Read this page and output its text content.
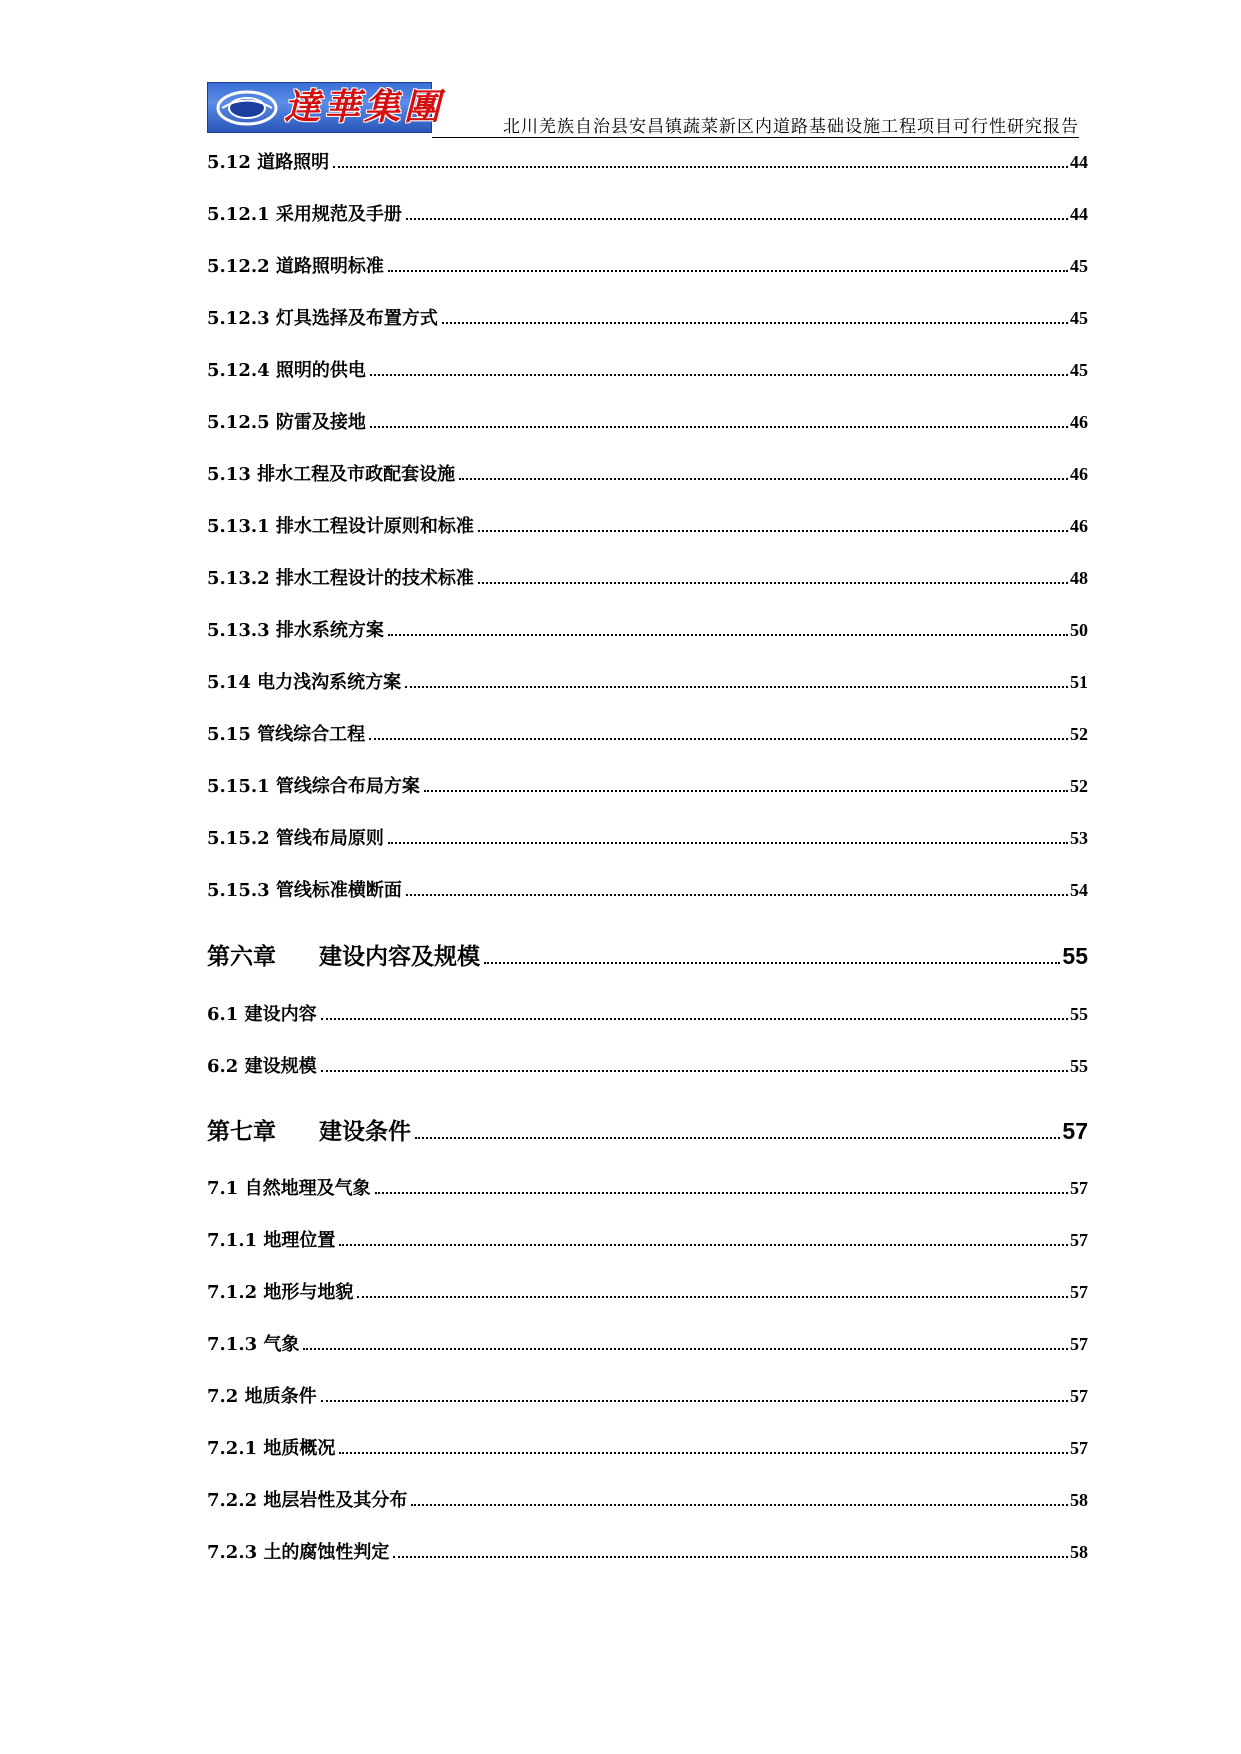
達華集團	北川羌族自治县安昌镇蔬菜新区内道路基础设施工程项目可行性研究报告
5.12 道路照明	44
5.12.1 采用规范及手册	44
5.12.2 道路照明标准	45
5.12.3 灯具选择及布置方式	45
5.12.4 照明的供电	45
5.12.5 防雷及接地	46
5.13 排水工程及市政配套设施	46
5.13.1 排水工程设计原则和标准	46
5.13.2 排水工程设计的技术标准	48
5.13.3 排水系统方案	50
5.14 电力浅沟系统方案	51
5.15 管线综合工程	52
5.15.1 管线综合布局方案	52
5.15.2 管线布局原则	53
5.15.3 管线标准横断面	54
第六章 建设内容及规模	55
6.1 建设内容	55
6.2 建设规模	55
第七章 建设条件	57
7.1 自然地理及气象	57
7.1.1 地理位置	57
7.1.2 地形与地貌	57
7.1.3 气象	57
7.2 地质条件	57
7.2.1 地质概况	57
7.2.2 地层岩性及其分布	58
7.2.3 土的腐蚀性判定	58
